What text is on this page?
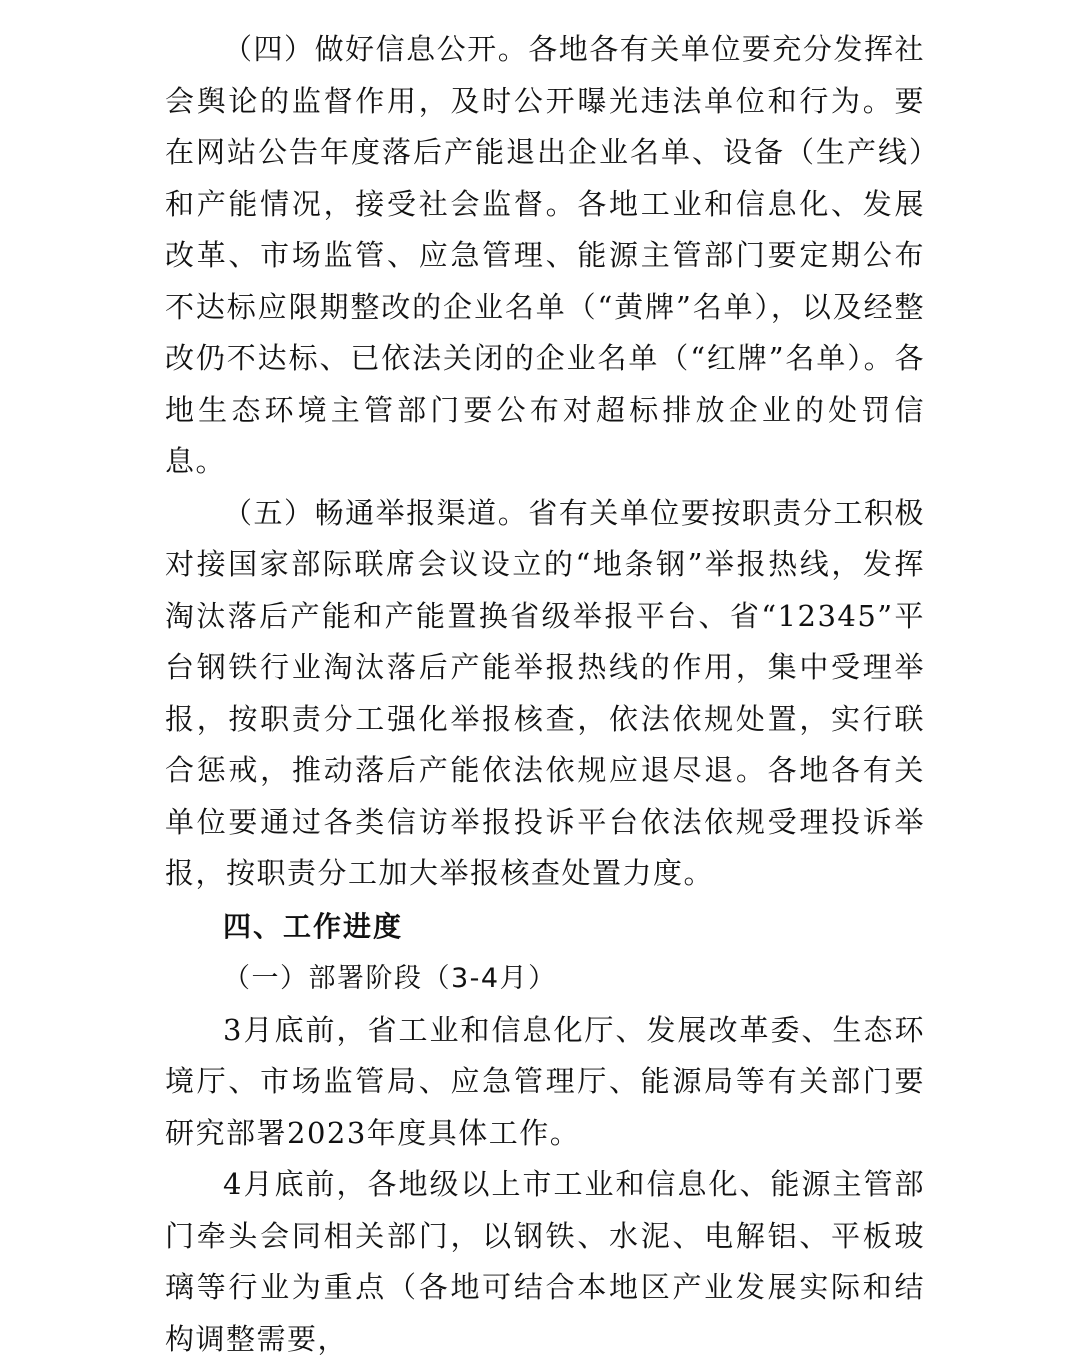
（四）做好信息公开。各地各有关单位要充分发挥社会舆论的监督作用，及时公开曝光违法单位和行为。要在网站公告年度落后产能退出企业名单、设备（生产线）和产能情况，接受社会监督。各地工业和信息化、发展改革、市场监管、应急管理、能源主管部门要定期公布不达标应限期整改的企业名单（“黄牌”名单），以及经整改仍不达标、已依法关闭的企业名单（“红牌”名单）。各地生态环境主管部门要公布对超标排放企业的处罚信息。

（五）畅通举报渠道。省有关单位要按职责分工积极对接国家部际联席会议设立的“地条钢”举报热线，发挥淘汰落后产能和产能置换省级举报平台、省“12345”平台钢铁行业淘汰落后产能举报热线的作用，集中受理举报，按职责分工强化举报核查，依法依规处置，实行联合惩戒，推动落后产能依法依规应退尽退。各地各有关单位要通过各类信访举报投诉平台依法依规受理投诉举报，按职责分工加大举报核查处置力度。

四、工作进度

（一）部署阶段（3-4月）

3月底前，省工业和信息化厅、发展改革委、生态环境厅、市场监管局、应急管理厅、能源局等有关部门要研究部署2023年度具体工作。

4月底前，各地级以上市工业和信息化、能源主管部门牵头会同相关部门，以钢铁、水泥、电解铝、平板玻璃等行业为重点（各地可结合本地区产业发展实际和结构调整需要，
